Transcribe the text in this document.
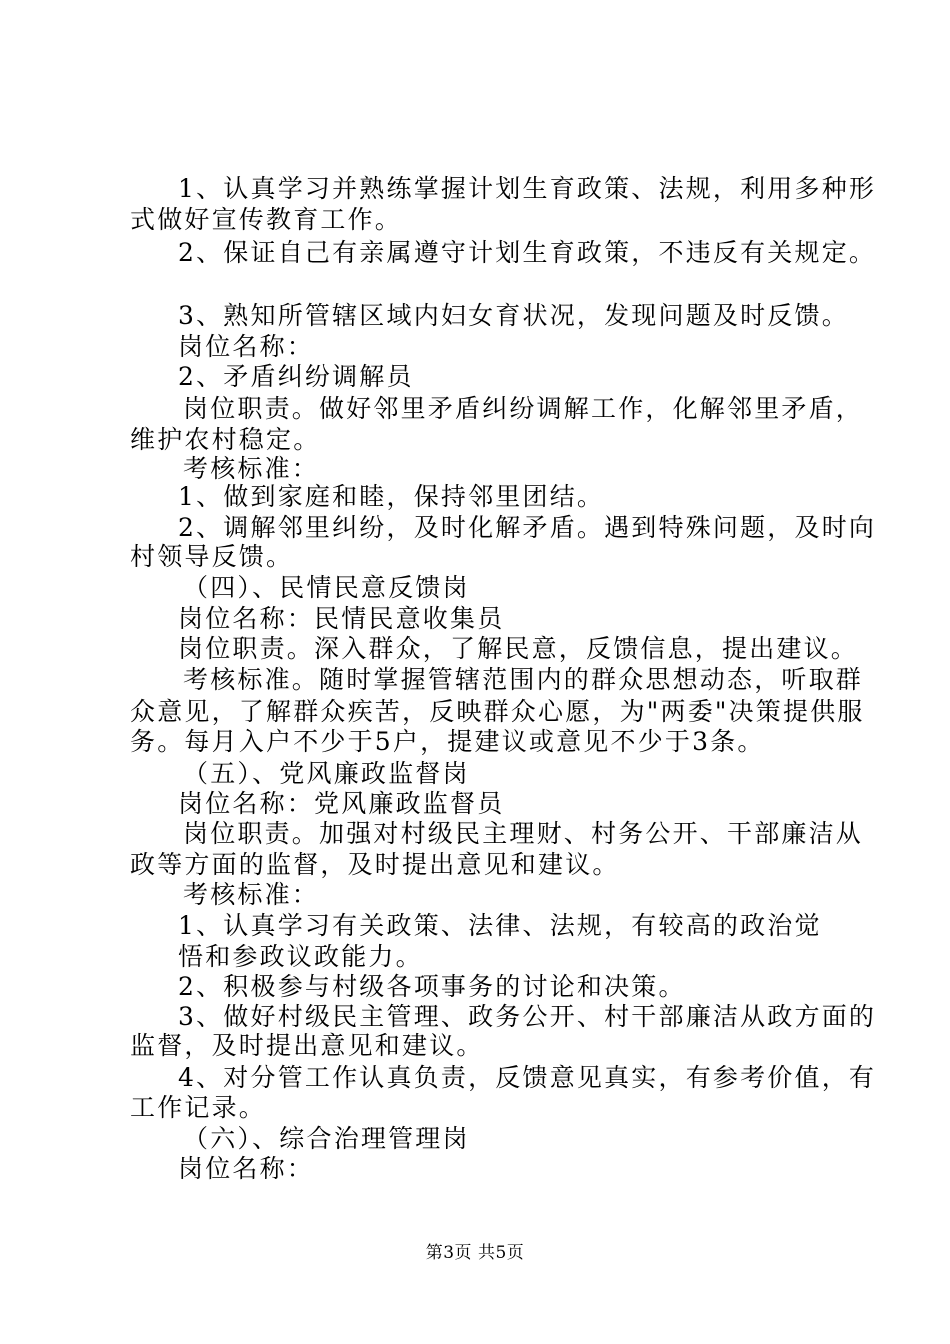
1、认真学习并熟练掌握计划生育政策、法规，利用多种形
式做好宣传教育工作。
2、保证自己有亲属遵守计划生育政策，不违反有关规定。
3、熟知所管辖区域内妇女育状况，发现问题及时反馈。
岗位名称：
2、矛盾纠纷调解员
岗位职责。做好邻里矛盾纠纷调解工作，化解邻里矛盾，
维护农村稳定。
考核标准：
1、做到家庭和睦，保持邻里团结。
2、调解邻里纠纷，及时化解矛盾。遇到特殊问题，及时向
村领导反馈。
（四）、民情民意反馈岗
岗位名称：民情民意收集员
岗位职责。深入群众，了解民意，反馈信息，提出建议。
考核标准。随时掌握管辖范围内的群众思想动态，听取群
众意见，了解群众疾苦，反映群众心愿，为"两委"决策提供服
务。每月入户不少于5户，提建议或意见不少于3条。
（五）、党风廉政监督岗
岗位名称：党风廉政监督员
岗位职责。加强对村级民主理财、村务公开、干部廉洁从
政等方面的监督，及时提出意见和建议。
考核标准：
1、认真学习有关政策、法律、法规，有较高的政治觉
悟和参政议政能力。
2、积极参与村级各项事务的讨论和决策。
3、做好村级民主管理、政务公开、村干部廉洁从政方面的
监督，及时提出意见和建议。
4、对分管工作认真负责，反馈意见真实，有参考价值，有
工作记录。
（六）、综合治理管理岗
岗位名称：
第3页 共5页
